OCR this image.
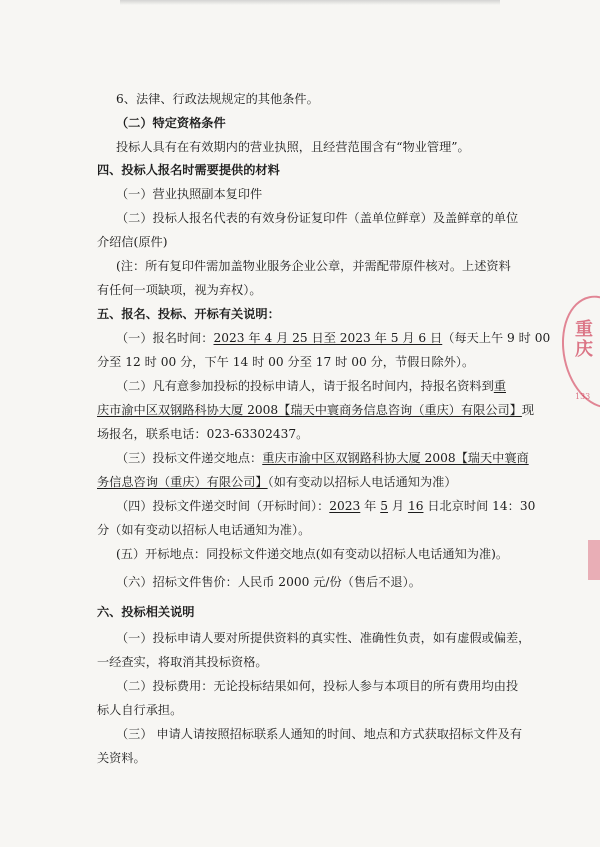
6、法律、行政法规规定的其他条件。
（二）特定资格条件
投标人具有在有效期内的营业执照，且经营范围含有“物业管理”。
四、投标人报名时需要提供的材料
（一）营业执照副本复印件
（二）投标人报名代表的有效身份证复印件（盖单位鲜章）及盖鲜章的单位
介绍信(原件)
(注：所有复印件需加盖物业服务企业公章，并需配带原件核对。上述资料
有任何一项缺项，视为弃权）。
五、报名、投标、开标有关说明：
（一）报名时间：2023 年 4 月 25 日至 2023 年 5 月 6 日（每天上午 9 时 00
分至 12 时 00 分，下午 14 时 00 分至 17 时 00 分，节假日除外）。
（二）凡有意参加投标的投标申请人，请于报名时间内，持报名资料到重
庆市渝中区双钢路科协大厦 2008【瑞天中寰商务信息咨询（重庆）有限公司】现
场报名，联系电话：023-63302437。
（三）投标文件递交地点：重庆市渝中区双钢路科协大厦 2008【瑞天中寰商
务信息咨询（重庆）有限公司】（如有变动以招标人电话通知为准）
（四）投标文件递交时间（开标时间）：2023 年 5 月 16 日北京时间 14：30
分（如有变动以招标人电话通知为准）。
(五）开标地点：同投标文件递交地点(如有变动以招标人电话通知为准)。
（六）招标文件售价：人民币 2000 元/份（售后不退）。
六、投标相关说明
（一）投标申请人要对所提供资料的真实性、准确性负责，如有虚假或偏差，
一经查实，将取消其投标资格。
（二）投标费用：无论投标结果如何，投标人参与本项目的所有费用均由投
标人自行承担。
（三） 申请人请按照招标联系人通知的时间、地点和方式获取招标文件及有
关资料。
重庆
133
